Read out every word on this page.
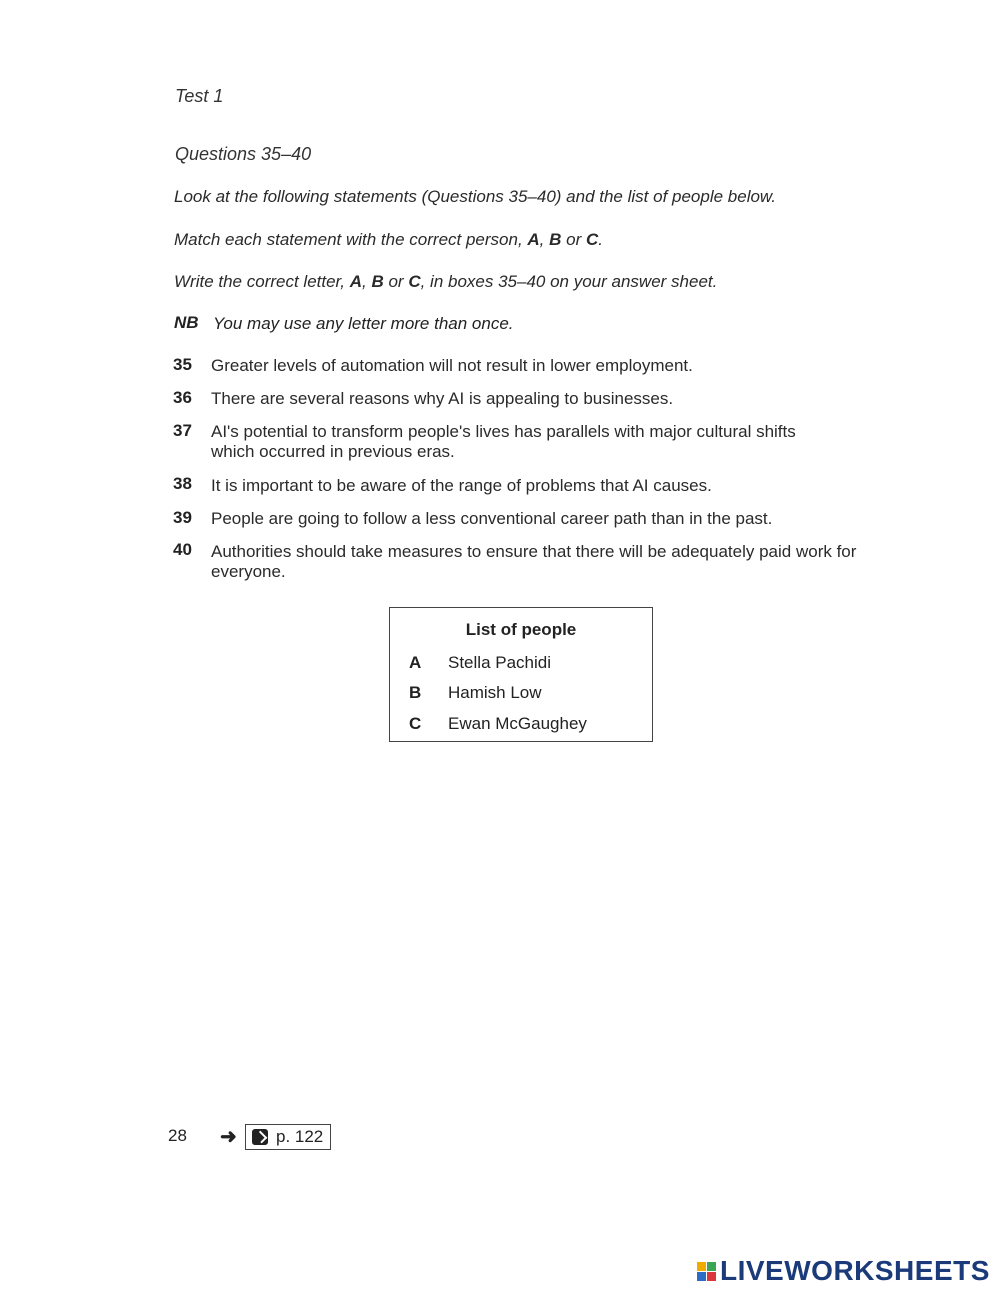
Test 1
Questions 35–40
Look at the following statements (Questions 35–40) and the list of people below.
Match each statement with the correct person, A, B or C.
Write the correct letter, A, B or C, in boxes 35–40 on your answer sheet.
NB You may use any letter more than once.
35 Greater levels of automation will not result in lower employment.
36 There are several reasons why AI is appealing to businesses.
37 AI's potential to transform people's lives has parallels with major cultural shifts which occurred in previous eras.
38 It is important to be aware of the range of problems that AI causes.
39 People are going to follow a less conventional career path than in the past.
40 Authorities should take measures to ensure that there will be adequately paid work for everyone.
List of people
A Stella Pachidi
B Hamish Low
C Ewan McGaughey
28 ➜ p. 122
LIVEWORKSHEETS
